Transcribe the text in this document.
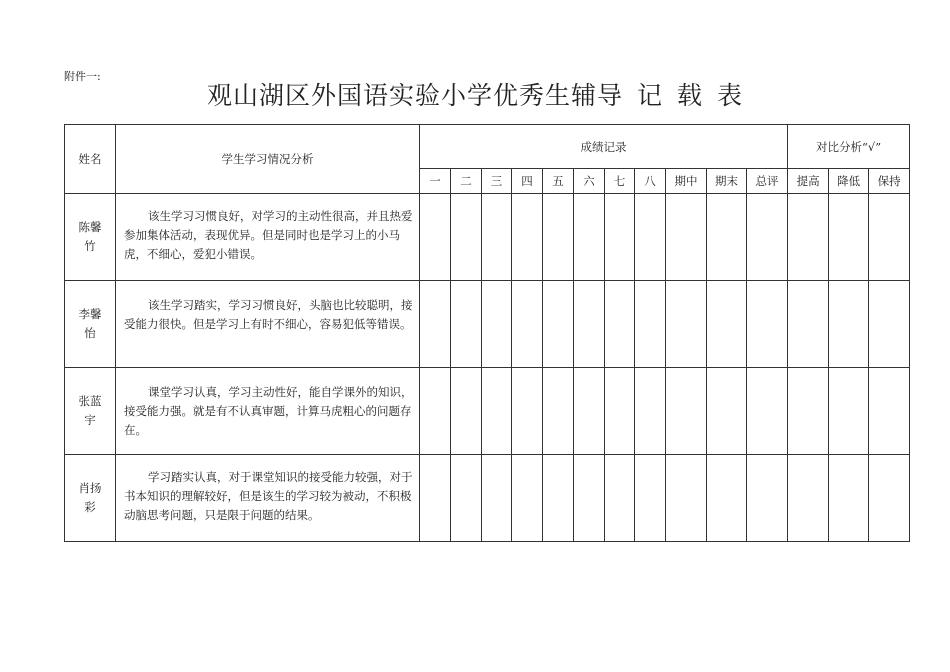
附件一:
观山湖区外国语实验小学优秀生辅导 记 载 表
姓名	学生学习情况分析	成绩记录											对比分析“√”		
		一	二	三	四	五	六	七	八	期中	期末	总评	提高	降低	保持

陈馨竹	该生学习习惯良好，对学习的主动性很高，并且热爱参加集体活动，表现优异。但是同时也是学习上的小马虎，不细心，爱犯小错误。														

李馨怡	该生学习踏实，学习习惯良好，头脑也比较聪明，接受能力很快。但是学习上有时不细心，容易犯低等错误。														

张蓝宇	课堂学习认真，学习主动性好，能自学课外的知识，接受能力强。就是有不认真审题，计算马虎粗心的问题存在。														

肖扬彩	学习踏实认真，对于课堂知识的接受能力较强，对于书本知识的理解较好，但是该生的学习较为被动，不积极动脑思考问题，只是限于问题的结果。														
